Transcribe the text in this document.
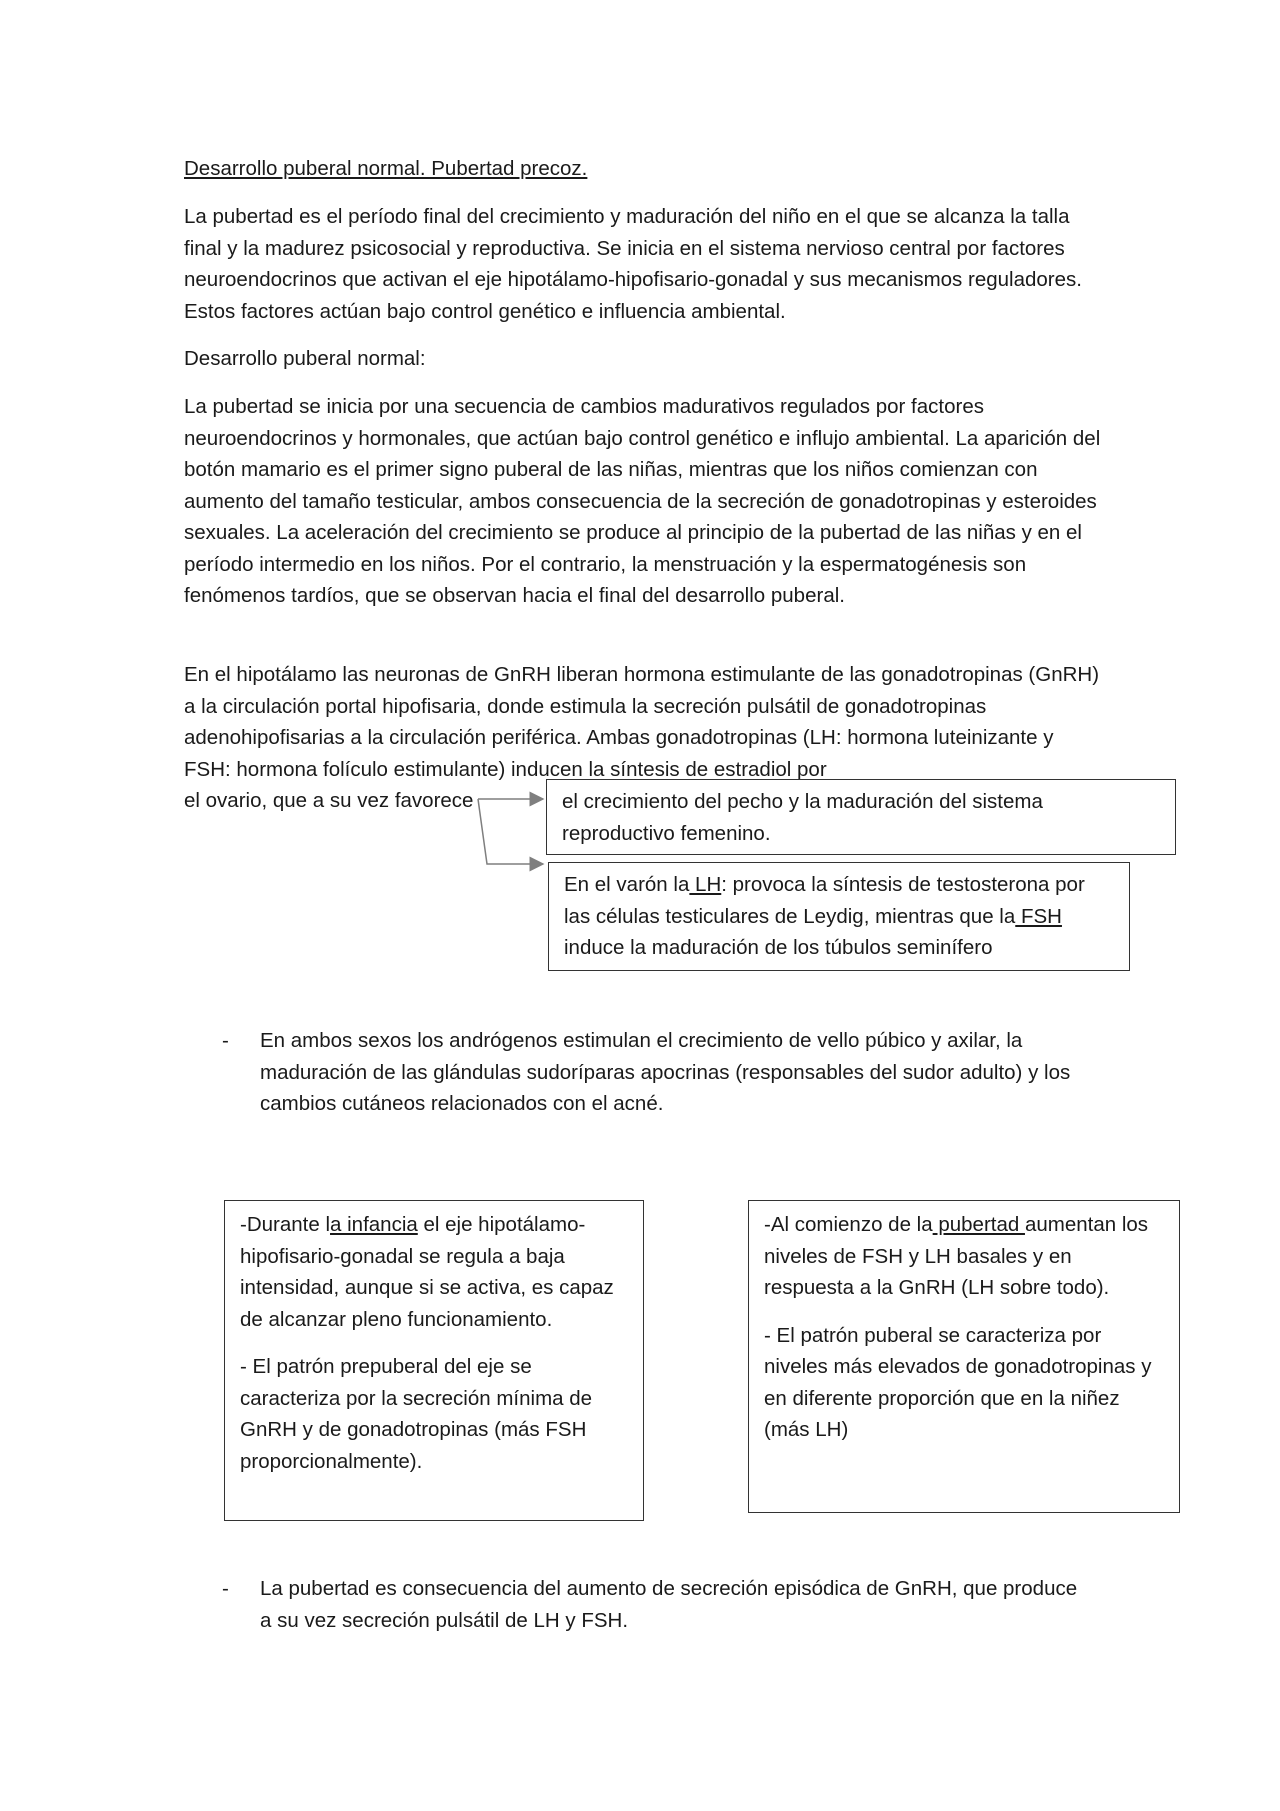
Desarrollo puberal normal. Pubertad precoz.

La pubertad es el período final del crecimiento y maduración del niño en el que se alcanza la talla final y la madurez psicosocial y reproductiva. Se inicia en el sistema nervioso central por factores neuroendocrinos que activan el eje hipotálamo-hipofisario-gonadal y sus mecanismos reguladores. Estos factores actúan bajo control genético e influencia ambiental.

Desarrollo puberal normal:

La pubertad se inicia por una secuencia de cambios madurativos regulados por factores neuroendocrinos y hormonales, que actúan bajo control genético e influjo ambiental. La aparición del botón mamario es el primer signo puberal de las niñas, mientras que los niños comienzan con aumento del tamaño testicular, ambos consecuencia de la secreción de gonadotropinas y esteroides sexuales. La aceleración del crecimiento se produce al principio de la pubertad de las niñas y en el período intermedio en los niños. Por el contrario, la menstruación y la espermatogénesis son fenómenos tardíos, que se observan hacia el final del desarrollo puberal.

En el hipotálamo las neuronas de GnRH liberan hormona estimulante de las gonadotropinas (GnRH) a la circulación portal hipofisaria, donde estimula la secreción pulsátil de gonadotropinas adenohipofisarias a la circulación periférica. Ambas gonadotropinas (LH: hormona luteinizante y FSH: hormona folículo estimulante) inducen la síntesis de estradiol por

el ovario, que a su vez favorece	el crecimiento del pecho y la maduración del sistema reproductivo femenino.

En el varón la LH: provoca la síntesis de testosterona por las células testiculares de Leydig, mientras que la FSH induce la maduración de los túbulos seminífero

- En ambos sexos los andrógenos estimulan el crecimiento de vello púbico y axilar, la maduración de las glándulas sudoríparas apocrinas (responsables del sudor adulto) y los cambios cutáneos relacionados con el acné.

-Durante la infancia el eje hipotálamo-hipofisario-gonadal se regula a baja intensidad, aunque si se activa, es capaz de alcanzar pleno funcionamiento.

- El patrón prepuberal del eje se caracteriza por la secreción mínima de GnRH y de gonadotropinas (más FSH proporcionalmente).

-Al comienzo de la pubertad aumentan los niveles de FSH y LH basales y en respuesta a la GnRH (LH sobre todo).

- El patrón puberal se caracteriza por niveles más elevados de gonadotropinas y en diferente proporción que en la niñez (más LH)

- La pubertad es consecuencia del aumento de secreción episódica de GnRH, que produce a su vez secreción pulsátil de LH y FSH.
